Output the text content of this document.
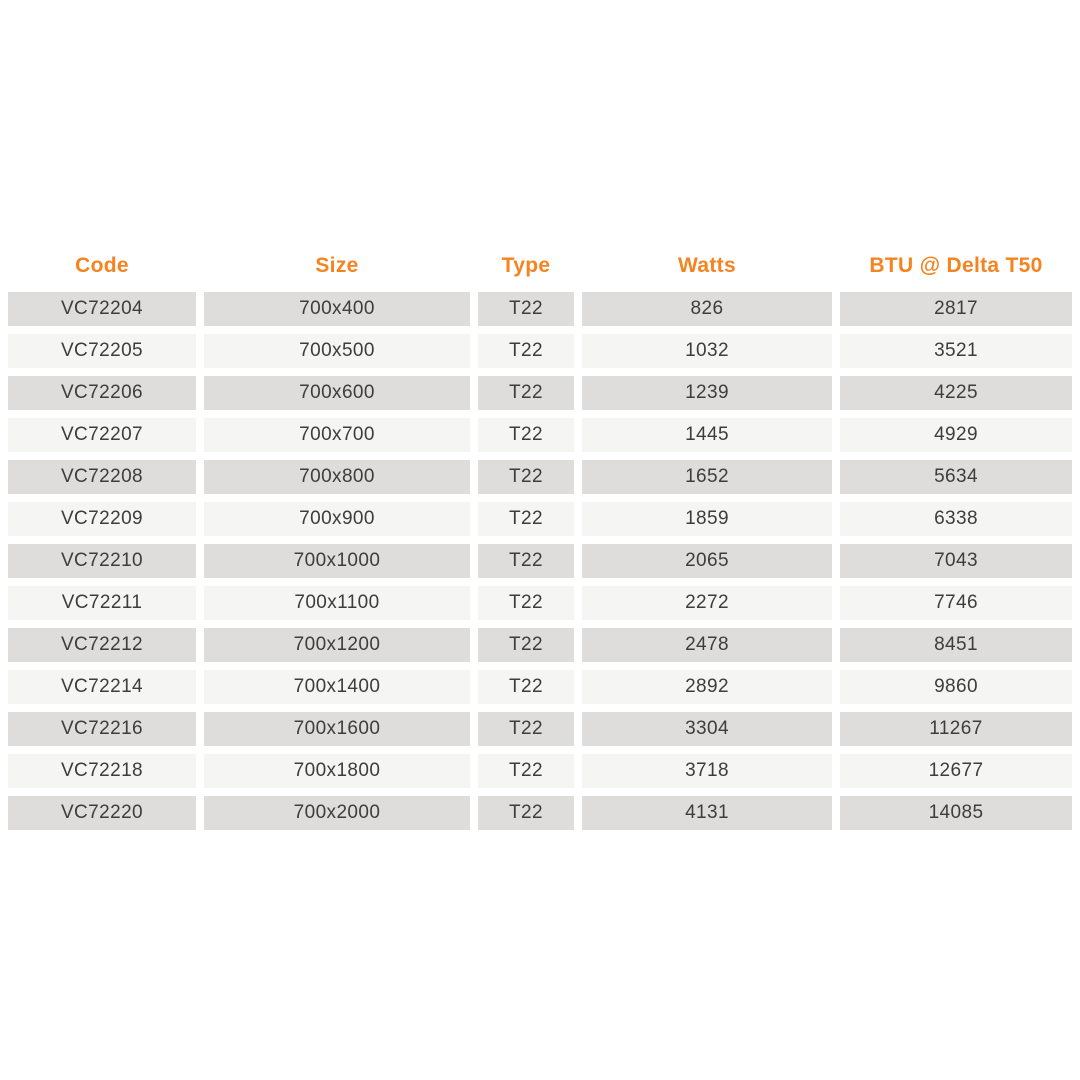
Code	Size	Type	Watts	BTU @ Delta T50
VC72204	700x400	T22	826	2817
VC72205	700x500	T22	1032	3521
VC72206	700x600	T22	1239	4225
VC72207	700x700	T22	1445	4929
VC72208	700x800	T22	1652	5634
VC72209	700x900	T22	1859	6338
VC72210	700x1000	T22	2065	7043
VC72211	700x1100	T22	2272	7746
VC72212	700x1200	T22	2478	8451
VC72214	700x1400	T22	2892	9860
VC72216	700x1600	T22	3304	11267
VC72218	700x1800	T22	3718	12677
VC72220	700x2000	T22	4131	14085
